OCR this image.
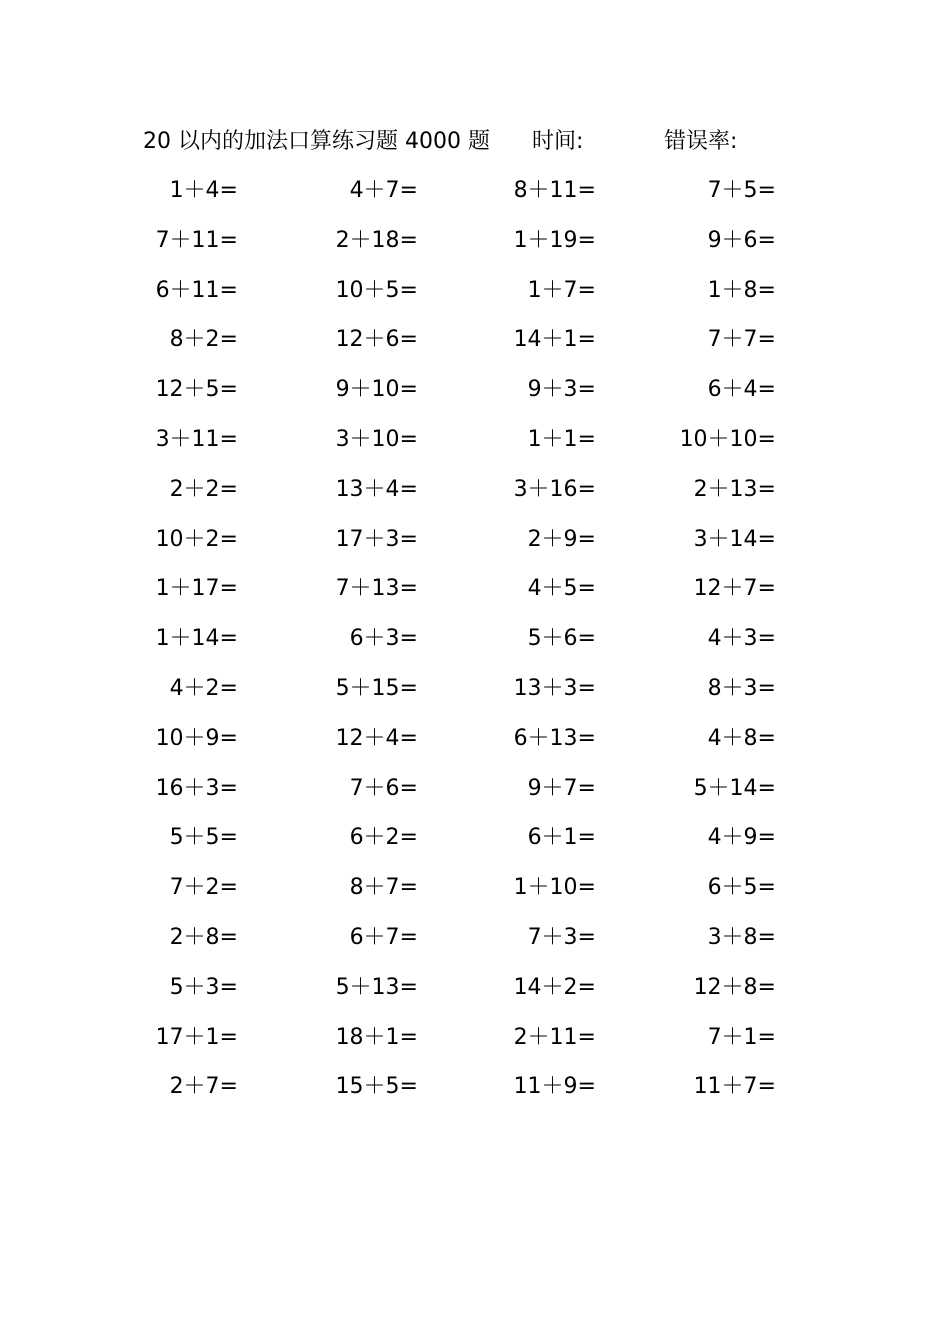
20 以内的加法口算练习题 4000 题 时间:	错误率:
1＋4=	4＋7=	8＋11=	7＋5=
7＋11=	2＋18=	1＋19=	9＋6=
6＋11=	10＋5=	1＋7=	1＋8=
8＋2=	12＋6=	14＋1=	7＋7=
12＋5=	9＋10=	9＋3=	6＋4=
3＋11=	3＋10=	1＋1=	10＋10=
2＋2=	13＋4=	3＋16=	2＋13=
10＋2=	17＋3=	2＋9=	3＋14=
1＋17=	7＋13=	4＋5=	12＋7=
1＋14=	6＋3=	5＋6=	4＋3=
4＋2=	5＋15=	13＋3=	8＋3=
10＋9=	12＋4=	6＋13=	4＋8=
16＋3=	7＋6=	9＋7=	5＋14=
5＋5=	6＋2=	6＋1=	4＋9=
7＋2=	8＋7=	1＋10=	6＋5=
2＋8=	6＋7=	7＋3=	3＋8=
5＋3=	5＋13=	14＋2=	12＋8=
17＋1=	18＋1=	2＋11=	7＋1=
2＋7=	15＋5=	11＋9=	11＋7=
